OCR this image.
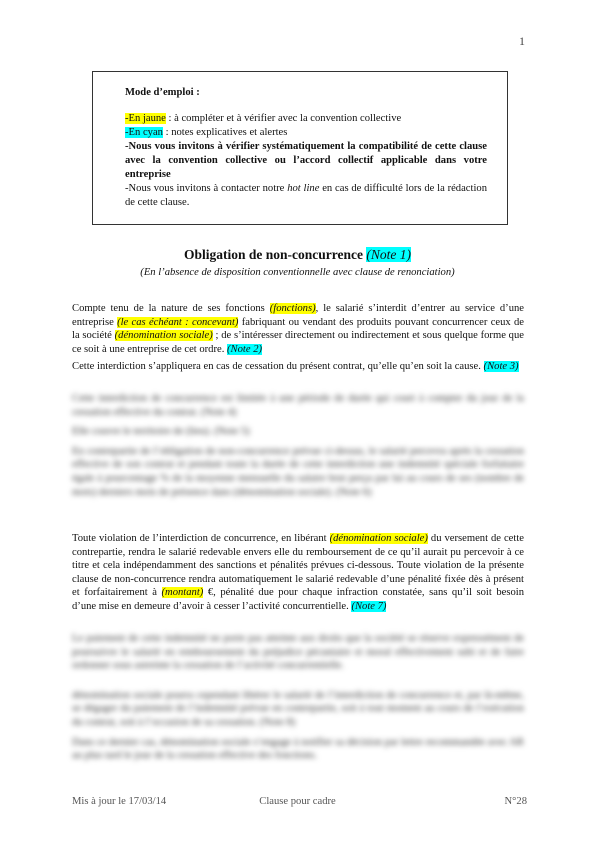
1
Mode d’emploi :

-En jaune : à compléter et à vérifier avec la convention collective

-En cyan : notes explicatives et alertes

-Nous vous invitons à vérifier systématiquement la compatibilité de cette clause avec la convention collective ou l’accord collectif applicable dans votre entreprise

-Nous vous invitons à contacter notre hot line en cas de difficulté lors de la rédaction de cette clause.

Obligation de non-concurrence (Note 1)
(En l’absence de disposition conventionnelle avec clause de renonciation)

Compte tenu de la nature de ses fonctions (fonctions), le salarié s’interdit d’entrer au service d’une entreprise (le cas échéant : concevant) fabriquant ou vendant des produits pouvant concurrencer ceux de la société (dénomination sociale) ; de s’intéresser directement ou indirectement et sous quelque forme que ce soit à une entreprise de cet ordre. (Note 2)

Cette interdiction s’appliquera en cas de cessation du présent contrat, qu’elle qu’en soit la cause. (Note 3)

Cette interdiction de concurrence est limitée à une période de durée qui court à compter du jour de la cessation effective du contrat. (Note 4)

Elle couvre le territoire de (lieu). (Note 5)

En contrepartie de l’obligation de non-concurrence prévue ci-dessus, le salarié percevra après la cessation effective de son contrat et pendant toute la durée de cette interdiction une indemnité spéciale forfaitaire égale à pourcentage % de la moyenne mensuelle du salaire brut perçu par lui au cours de ses (nombre de mois) derniers mois de présence dans (dénomination sociale). (Note 6)

Toute violation de l’interdiction de concurrence, en libérant (dénomination sociale) du versement de cette contrepartie, rendra le salarié redevable envers elle du remboursement de ce qu’il aurait pu percevoir à ce titre et cela indépendamment des sanctions et pénalités prévues ci-dessous. Toute violation de la présente clause de non-concurrence rendra automatiquement le salarié redevable d’une pénalité fixée dès à présent et forfaitairement à (montant) €, pénalité due pour chaque infraction constatée, sans qu’il soit besoin d’une mise en demeure d’avoir à cesser l’activité concurrentielle. (Note 7)

Le paiement de cette indemnité ne porte pas atteinte aux droits que la société se réserve expressément de poursuivre le salarié en remboursement du préjudice pécuniaire et moral effectivement subi et de faire ordonner sous astreinte la cessation de l’activité concurrentielle.

dénomination sociale pourra cependant libérer le salarié de l’interdiction de concurrence et, par là-même, se dégager du paiement de l’indemnité prévue en contrepartie, soit à tout moment au cours de l’exécution du contrat, soit à l’occasion de sa cessation. (Note 8)

Dans ce dernier cas, dénomination sociale s’engage à notifier sa décision par lettre recommandée avec AR au plus tard le jour de la cessation effective des fonctions.

Mis à jour le 17/03/14	Clause pour cadre	N°28
